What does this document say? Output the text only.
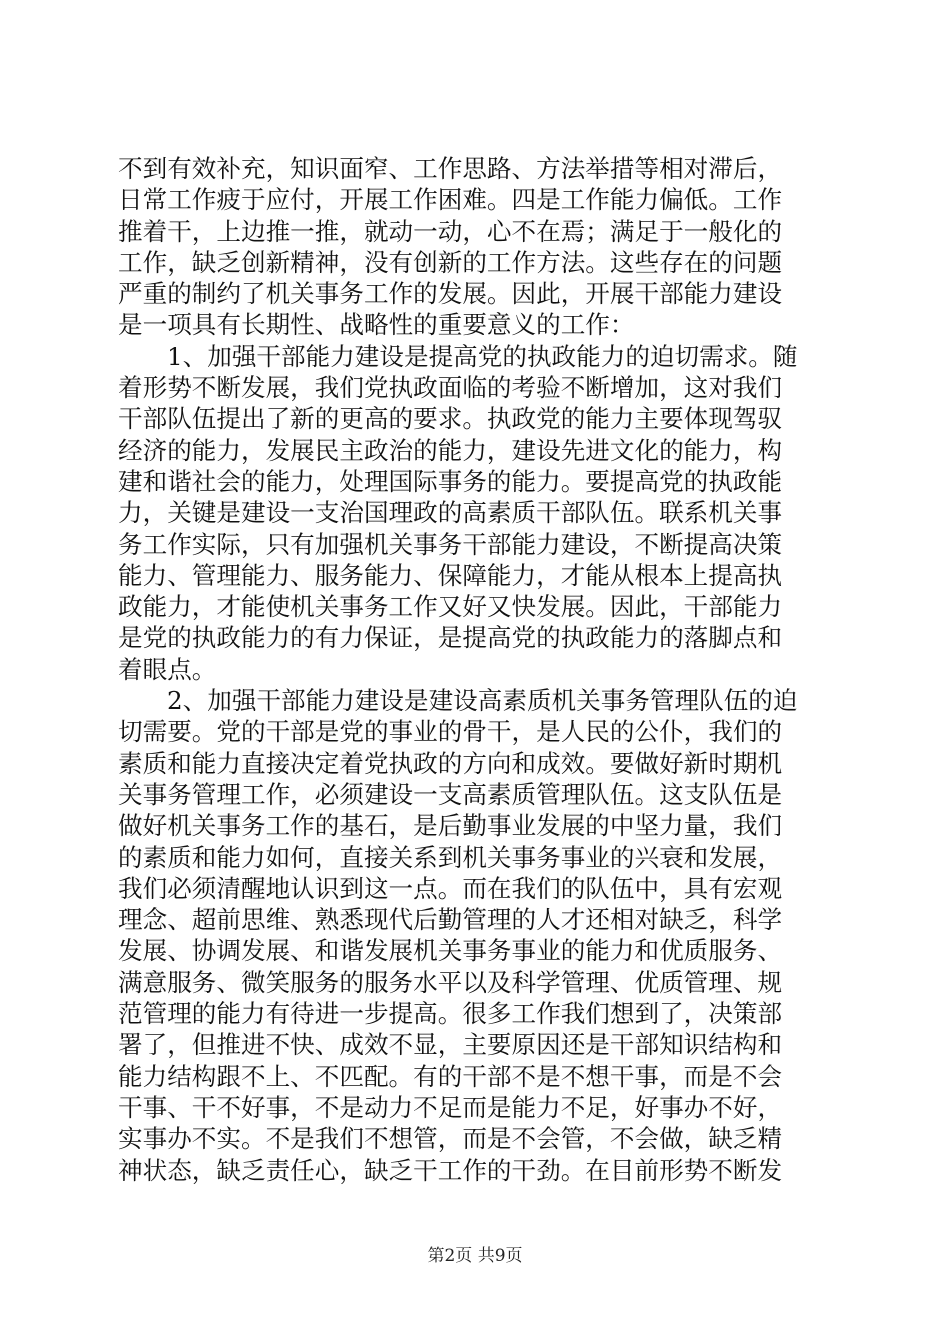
不到有效补充，知识面窄、工作思路、方法举措等相对滞后，
日常工作疲于应付，开展工作困难。四是工作能力偏低。工作
推着干，上边推一推，就动一动，心不在焉；满足于一般化的
工作，缺乏创新精神，没有创新的工作方法。这些存在的问题
严重的制约了机关事务工作的发展。因此，开展干部能力建设
是一项具有长期性、战略性的重要意义的工作：
1、加强干部能力建设是提高党的执政能力的迫切需求。随
着形势不断发展，我们党执政面临的考验不断增加，这对我们
干部队伍提出了新的更高的要求。执政党的能力主要体现驾驭
经济的能力，发展民主政治的能力，建设先进文化的能力，构
建和谐社会的能力，处理国际事务的能力。要提高党的执政能
力，关键是建设一支治国理政的高素质干部队伍。联系机关事
务工作实际，只有加强机关事务干部能力建设，不断提高决策
能力、管理能力、服务能力、保障能力，才能从根本上提高执
政能力，才能使机关事务工作又好又快发展。因此，干部能力
是党的执政能力的有力保证，是提高党的执政能力的落脚点和
着眼点。
2、加强干部能力建设是建设高素质机关事务管理队伍的迫
切需要。党的干部是党的事业的骨干，是人民的公仆，我们的
素质和能力直接决定着党执政的方向和成效。要做好新时期机
关事务管理工作，必须建设一支高素质管理队伍。这支队伍是
做好机关事务工作的基石，是后勤事业发展的中坚力量，我们
的素质和能力如何，直接关系到机关事务事业的兴衰和发展，
我们必须清醒地认识到这一点。而在我们的队伍中，具有宏观
理念、超前思维、熟悉现代后勤管理的人才还相对缺乏，科学
发展、协调发展、和谐发展机关事务事业的能力和优质服务、
满意服务、微笑服务的服务水平以及科学管理、优质管理、规
范管理的能力有待进一步提高。很多工作我们想到了，决策部
署了，但推进不快、成效不显，主要原因还是干部知识结构和
能力结构跟不上、不匹配。有的干部不是不想干事，而是不会
干事、干不好事，不是动力不足而是能力不足，好事办不好，
实事办不实。不是我们不想管，而是不会管，不会做，缺乏精
神状态，缺乏责任心，缺乏干工作的干劲。在目前形势不断发
第2页 共9页
